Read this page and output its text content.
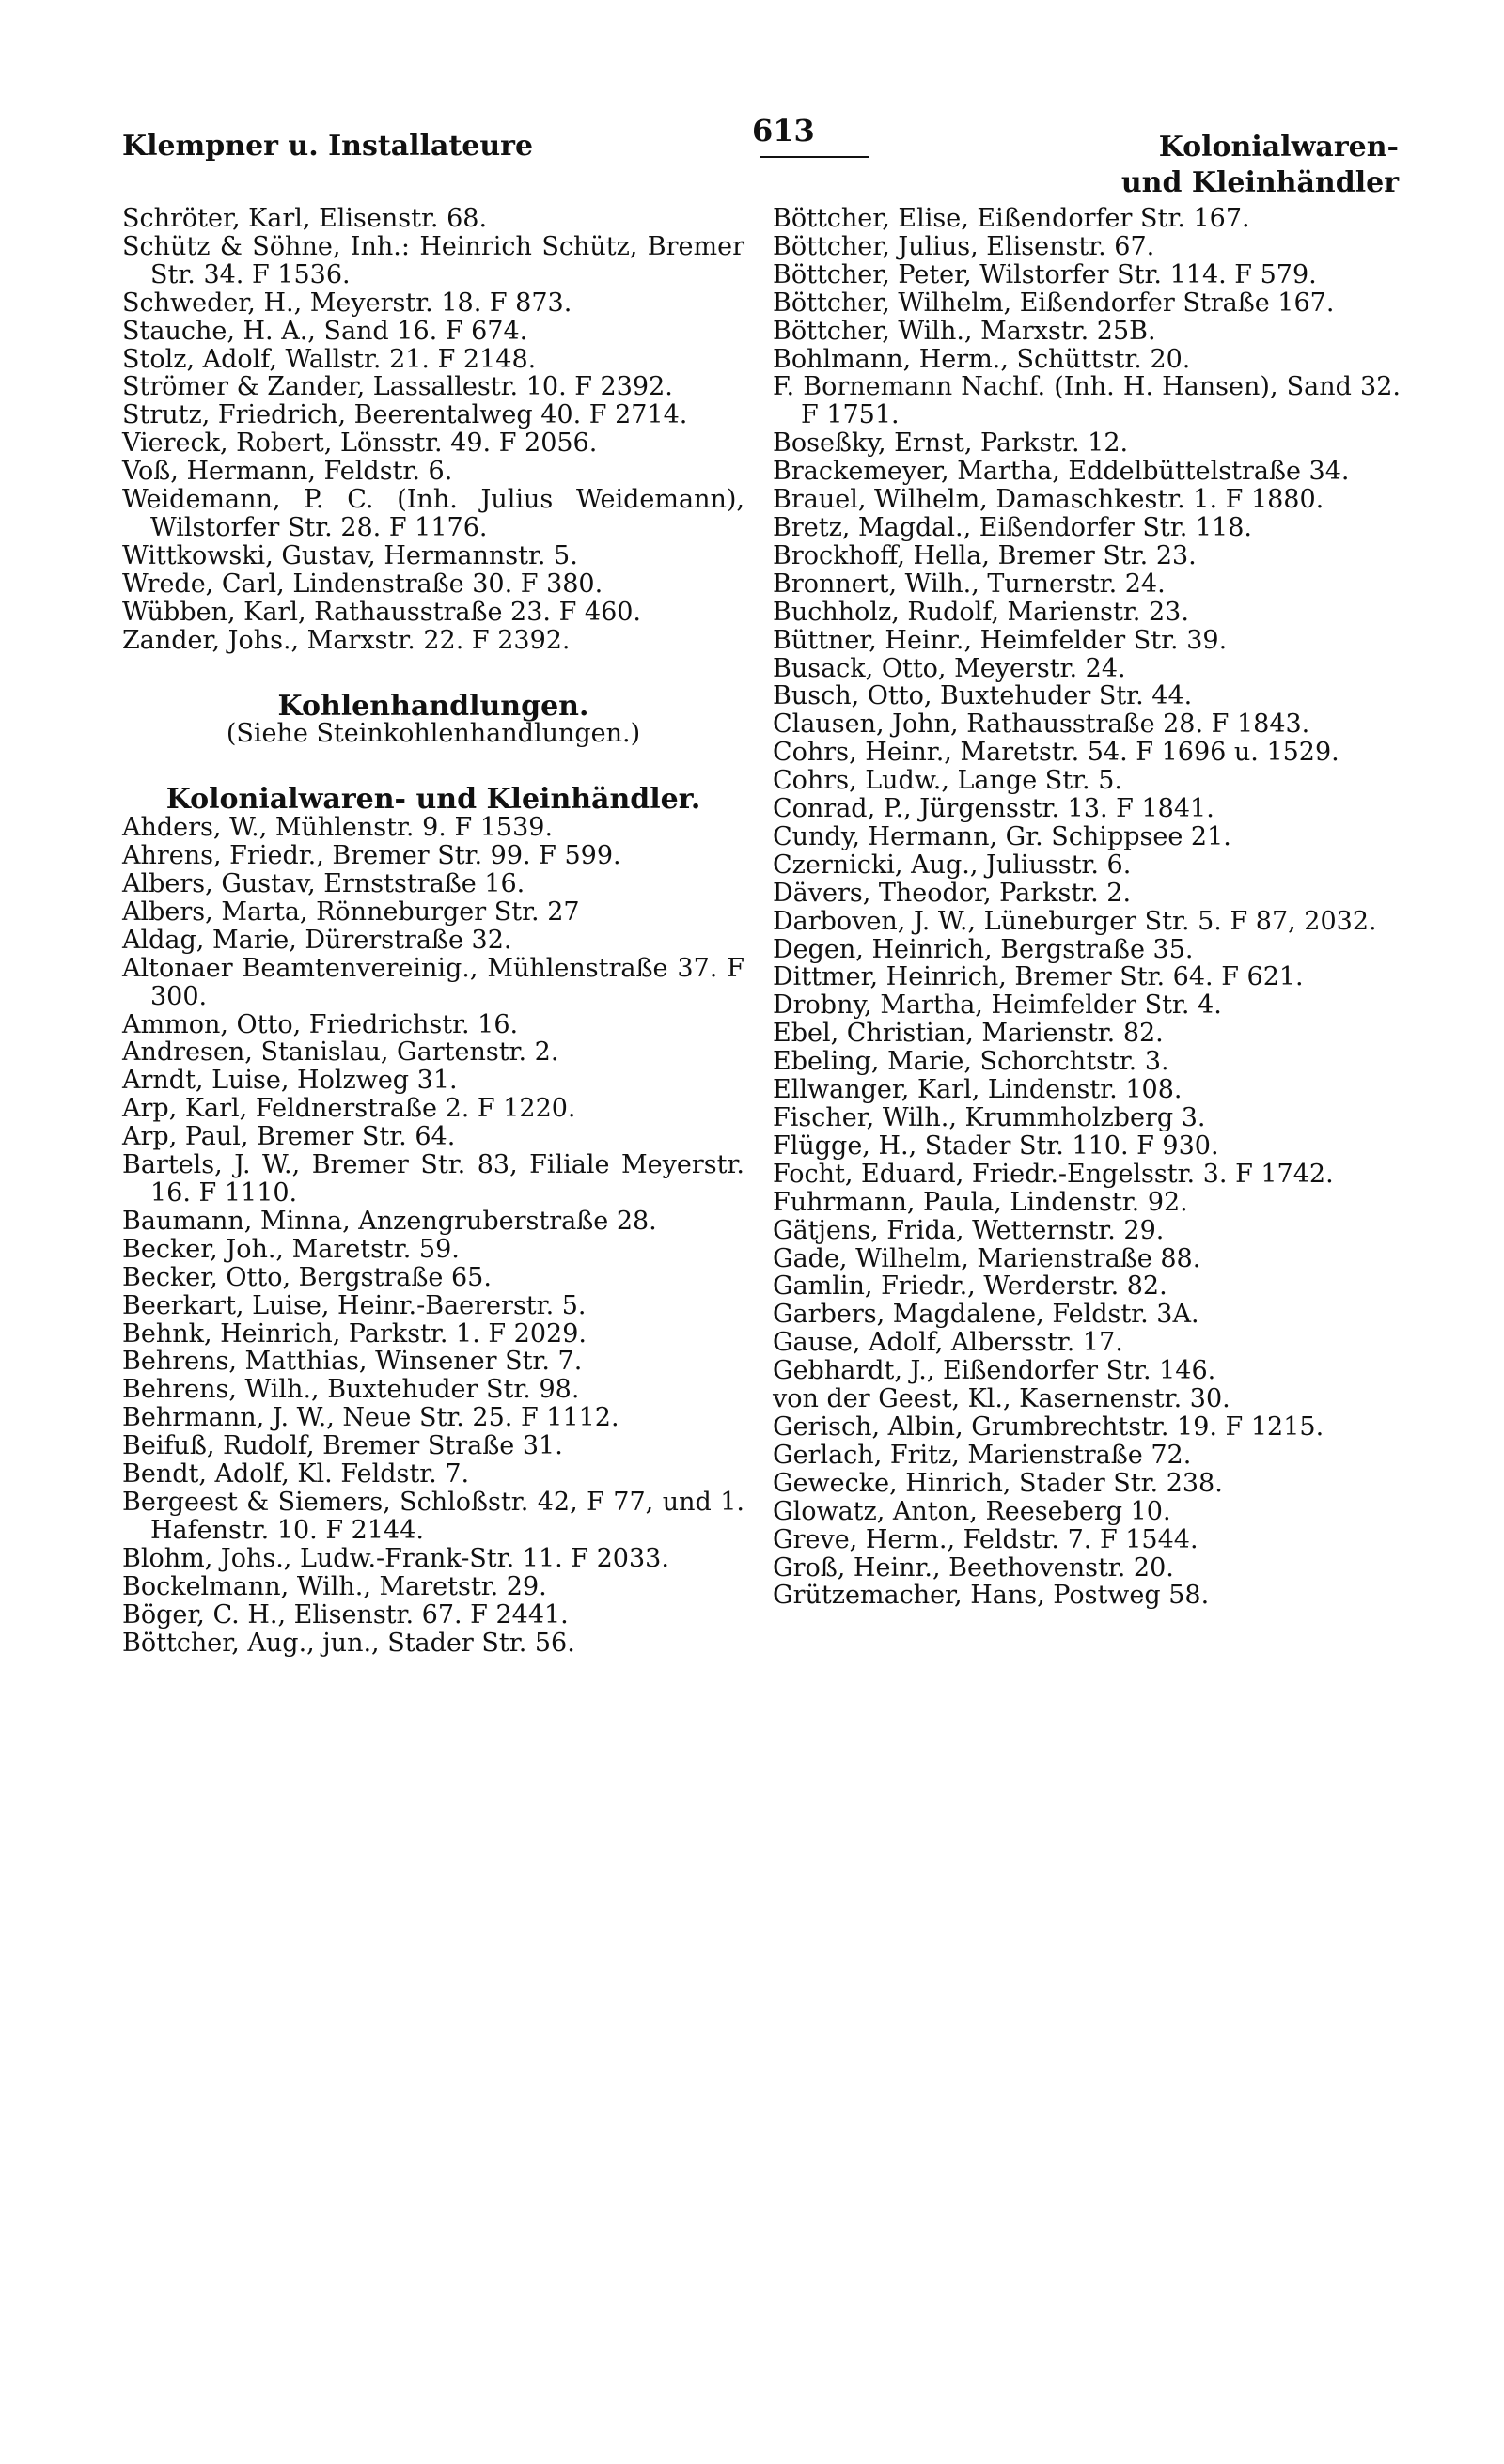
Klempner u. Installateure	613	Kolonialwaren-
und Kleinhändler

Schröter, Karl, Elisenstr. 68.

Schütz & Söhne, Inh.: Heinrich Schütz, Bremer Str. 34. F 1536.

Schweder, H., Meyerstr. 18. F 873.

Stauche, H. A., Sand 16. F 674.

Stolz, Adolf, Wallstr. 21. F 2148.

Strömer & Zander, Lassallestr. 10. F 2392.

Strutz, Friedrich, Beerentalweg 40. F 2714.

Viereck, Robert, Lönsstr. 49. F 2056.

Voß, Hermann, Feldstr. 6.

Weidemann, P. C. (Inh. Julius Weidemann), Wilstorfer Str. 28. F 1176.

Wittkowski, Gustav, Hermannstr. 5.

Wrede, Carl, Lindenstraße 30. F 380.

Wübben, Karl, Rathausstraße 23. F 460.

Zander, Johs., Marxstr. 22. F 2392.

Kohlenhandlungen.
(Siehe Steinkohlenhandlungen.)
Kolonialwaren- und Kleinhändler.

Ahders, W., Mühlenstr. 9. F 1539.

Ahrens, Friedr., Bremer Str. 99. F 599.

Albers, Gustav, Ernststraße 16.

Albers, Marta, Rönneburger Str. 27

Aldag, Marie, Dürerstraße 32.

Altonaer Beamtenvereinig., Mühlenstraße 37. F 300.

Ammon, Otto, Friedrichstr. 16.

Andresen, Stanislau, Gartenstr. 2.

Arndt, Luise, Holzweg 31.

Arp, Karl, Feldnerstraße 2. F 1220.

Arp, Paul, Bremer Str. 64.

Bartels, J. W., Bremer Str. 83, Filiale Meyerstr. 16. F 1110.

Baumann, Minna, Anzengruberstraße 28.

Becker, Joh., Maretstr. 59.

Becker, Otto, Bergstraße 65.

Beerkart, Luise, Heinr.-Baererstr. 5.

Behnk, Heinrich, Parkstr. 1. F 2029.

Behrens, Matthias, Winsener Str. 7.

Behrens, Wilh., Buxtehuder Str. 98.

Behrmann, J. W., Neue Str. 25. F 1112.

Beifuß, Rudolf, Bremer Straße 31.

Bendt, Adolf, Kl. Feldstr. 7.

Bergeest & Siemers, Schloßstr. 42, F 77, und 1. Hafenstr. 10. F 2144.

Blohm, Johs., Ludw.-Frank-Str. 11. F 2033.

Bockelmann, Wilh., Maretstr. 29.

Böger, C. H., Elisenstr. 67. F 2441.

Böttcher, Aug., jun., Stader Str. 56.

Böttcher, Elise, Eißendorfer Str. 167.

Böttcher, Julius, Elisenstr. 67.

Böttcher, Peter, Wilstorfer Str. 114. F 579.

Böttcher, Wilhelm, Eißendorfer Straße 167.

Böttcher, Wilh., Marxstr. 25B.

Bohlmann, Herm., Schüttstr. 20.

F. Bornemann Nachf. (Inh. H. Hansen), Sand 32. F 1751.

Boseßky, Ernst, Parkstr. 12.

Brackemeyer, Martha, Eddelbüttelstraße 34.

Brauel, Wilhelm, Damaschkestr. 1. F 1880.

Bretz, Magdal., Eißendorfer Str. 118.

Brockhoff, Hella, Bremer Str. 23.

Bronnert, Wilh., Turnerstr. 24.

Buchholz, Rudolf, Marienstr. 23.

Büttner, Heinr., Heimfelder Str. 39.

Busack, Otto, Meyerstr. 24.

Busch, Otto, Buxtehuder Str. 44.

Clausen, John, Rathausstraße 28. F 1843.

Cohrs, Heinr., Maretstr. 54. F 1696 u. 1529.

Cohrs, Ludw., Lange Str. 5.

Conrad, P., Jürgensstr. 13. F 1841.

Cundy, Hermann, Gr. Schippsee 21.

Czernicki, Aug., Juliusstr. 6.

Dävers, Theodor, Parkstr. 2.

Darboven, J. W., Lüneburger Str. 5. F 87, 2032.

Degen, Heinrich, Bergstraße 35.

Dittmer, Heinrich, Bremer Str. 64. F 621.

Drobny, Martha, Heimfelder Str. 4.

Ebel, Christian, Marienstr. 82.

Ebeling, Marie, Schorchtstr. 3.

Ellwanger, Karl, Lindenstr. 108.

Fischer, Wilh., Krummholzberg 3.

Flügge, H., Stader Str. 110. F 930.

Focht, Eduard, Friedr.-Engelsstr. 3. F 1742.

Fuhrmann, Paula, Lindenstr. 92.

Gätjens, Frida, Wetternstr. 29.

Gade, Wilhelm, Marienstraße 88.

Gamlin, Friedr., Werderstr. 82.

Garbers, Magdalene, Feldstr. 3A.

Gause, Adolf, Albersstr. 17.

Gebhardt, J., Eißendorfer Str. 146.

von der Geest, Kl., Kasernenstr. 30.

Gerisch, Albin, Grumbrechtstr. 19. F 1215.

Gerlach, Fritz, Marienstraße 72.

Gewecke, Hinrich, Stader Str. 238.

Glowatz, Anton, Reeseberg 10.

Greve, Herm., Feldstr. 7. F 1544.

Groß, Heinr., Beethovenstr. 20.

Grützemacher, Hans, Postweg 58.
